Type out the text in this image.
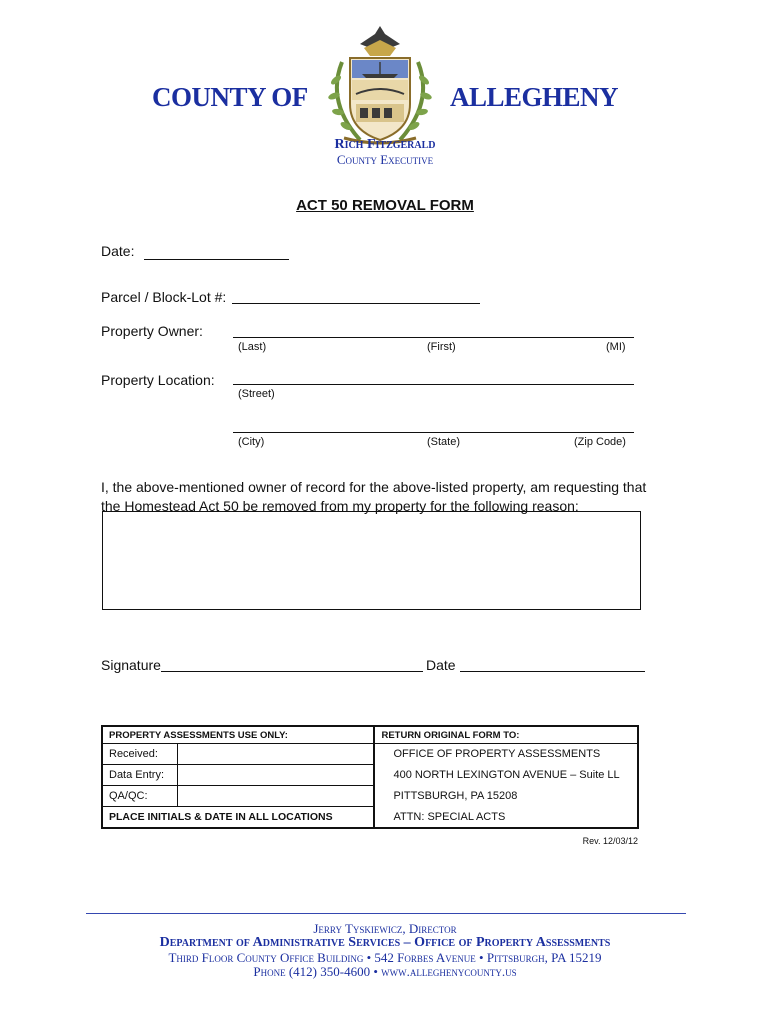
COUNTY OF	ALLEGHENY
Rich Fitzgerald
County Executive
ACT 50 REMOVAL FORM
Date:
Parcel / Block-Lot #:
Property Owner:
(Last)	(First)	(MI)
Property Location:
(Street)
(City)	(State)	(Zip Code)
I, the above-mentioned owner of record for the above-listed property, am requesting that
the Homestead Act 50 be removed from my property for the following reason:
Signature	Date
PROPERTY ASSESSMENTS USE ONLY:		RETURN ORIGINAL FORM TO:
Received:		OFFICE OF PROPERTY ASSESSMENTS
Data Entry:		400 NORTH LEXINGTON AVENUE – Suite LL
QA/QC:		PITTSBURGH, PA 15208
PLACE INITIALS & DATE IN ALL LOCATIONS		ATTN: SPECIAL ACTS
Rev. 12/03/12
Jerry Tyskiewicz, Director
Department of Administrative Services – Office of Property Assessments
Third Floor County Office Building • 542 Forbes Avenue • Pittsburgh, PA 15219
Phone (412) 350-4600 • www.alleghenycounty.us
